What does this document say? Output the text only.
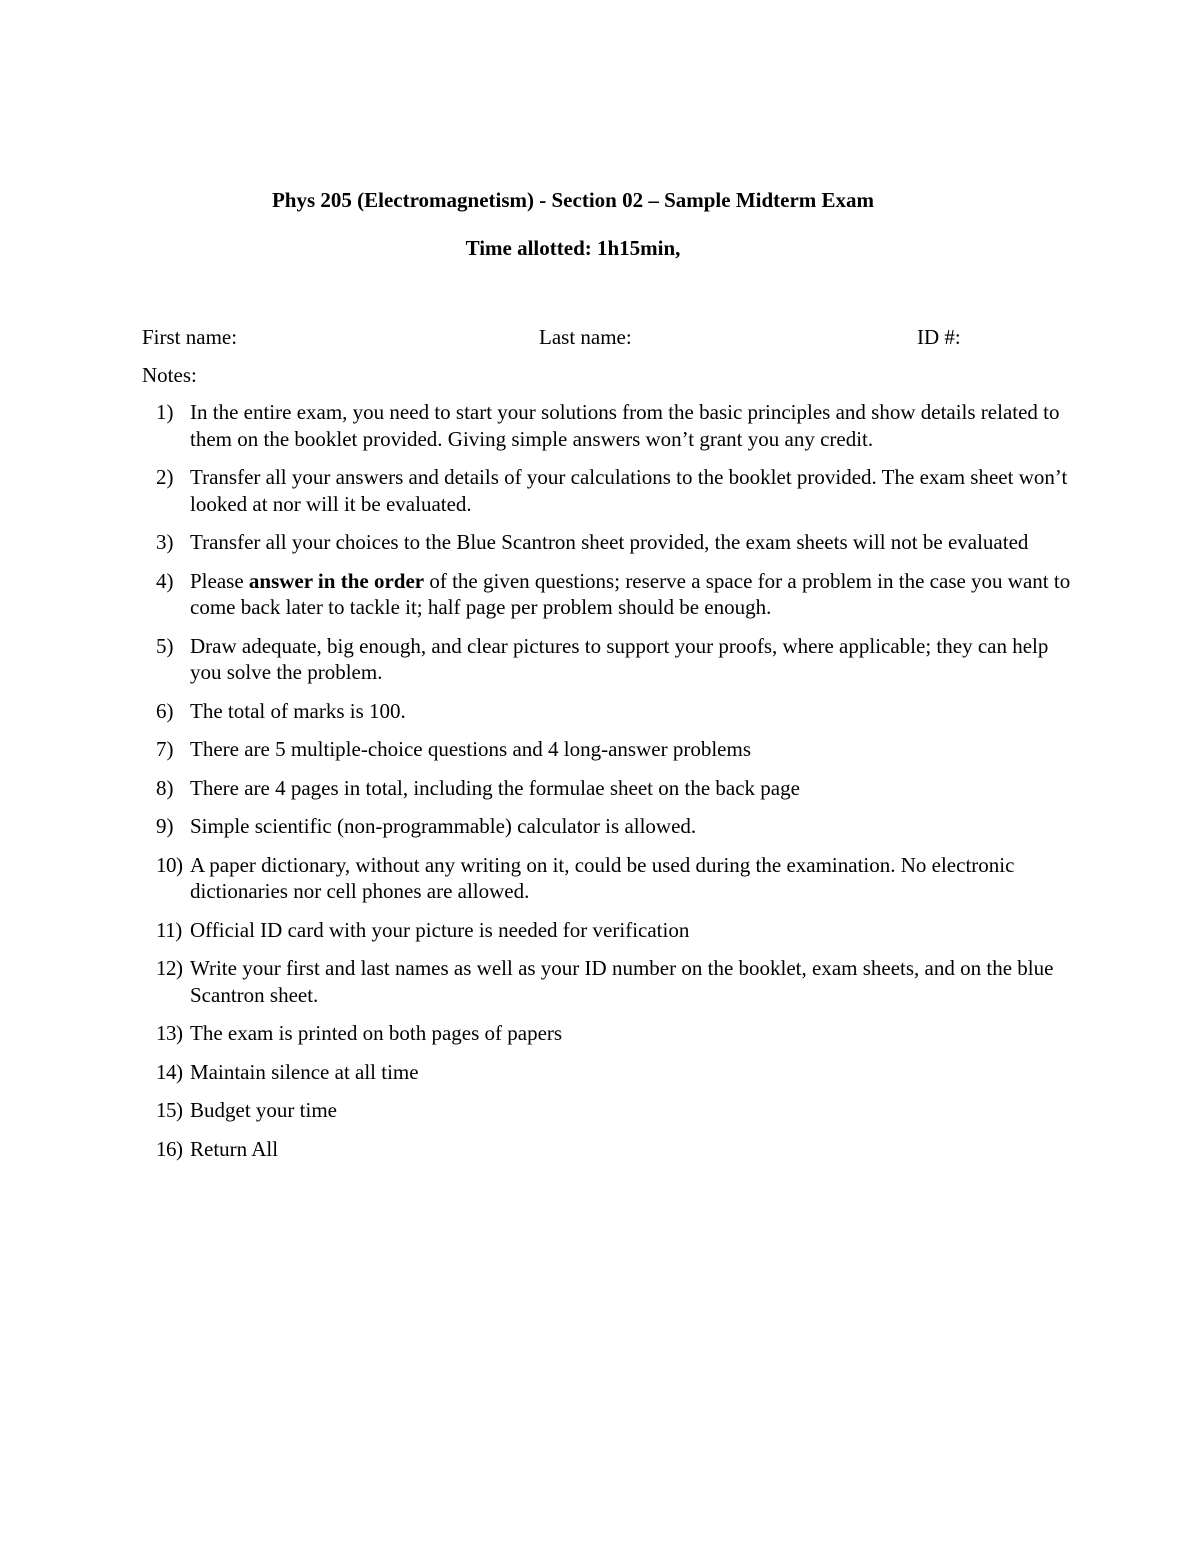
Phys 205 (Electromagnetism) - Section 02 – Sample Midterm Exam
Time allotted: 1h15min,
First name:	Last name:	ID #:
Notes:
1) In the entire exam, you need to start your solutions from the basic principles and show details related to them on the booklet provided. Giving simple answers won’t grant you any credit.
2) Transfer all your answers and details of your calculations to the booklet provided. The exam sheet won’t looked at nor will it be evaluated.
3) Transfer all your choices to the Blue Scantron sheet provided, the exam sheets will not be evaluated
4) Please answer in the order of the given questions; reserve a space for a problem in the case you want to come back later to tackle it; half page per problem should be enough.
5) Draw adequate, big enough, and clear pictures to support your proofs, where applicable; they can help you solve the problem.
6) The total of marks is 100.
7) There are 5 multiple-choice questions and 4 long-answer problems
8) There are 4 pages in total, including the formulae sheet on the back page
9) Simple scientific (non-programmable) calculator is allowed.
10) A paper dictionary, without any writing on it, could be used during the examination. No electronic dictionaries nor cell phones are allowed.
11) Official ID card with your picture is needed for verification
12) Write your first and last names as well as your ID number on the booklet, exam sheets, and on the blue Scantron sheet.
13) The exam is printed on both pages of papers
14) Maintain silence at all time
15) Budget your time
16) Return All
